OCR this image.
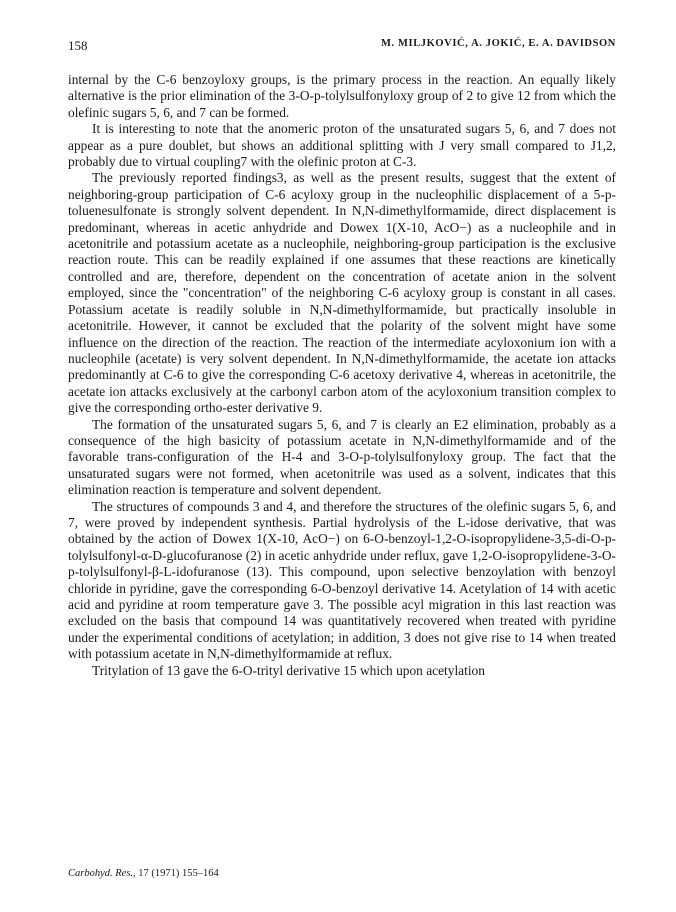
158	M. MILJKOVIĆ, A. JOKIĆ, E. A. DAVIDSON

internal by the C-6 benzoyloxy groups, is the primary process in the reaction. An equally likely alternative is the prior elimination of the 3-O-p-tolylsulfonyloxy group of 2 to give 12 from which the olefinic sugars 5, 6, and 7 can be formed.

It is interesting to note that the anomeric proton of the unsaturated sugars 5, 6, and 7 does not appear as a pure doublet, but shows an additional splitting with J very small compared to J1,2, probably due to virtual coupling7 with the olefinic proton at C-3.

The previously reported findings3, as well as the present results, suggest that the extent of neighboring-group participation of C-6 acyloxy group in the nucleophilic displacement of a 5-p-toluenesulfonate is strongly solvent dependent. In N,N-dimethylformamide, direct displacement is predominant, whereas in acetic anhydride and Dowex 1(X-10, AcO−) as a nucleophile and in acetonitrile and potassium acetate as a nucleophile, neighboring-group participation is the exclusive reaction route. This can be readily explained if one assumes that these reactions are kinetically controlled and are, therefore, dependent on the concentration of acetate anion in the solvent employed, since the "concentration" of the neighboring C-6 acyloxy group is constant in all cases. Potassium acetate is readily soluble in N,N-dimethylformamide, but practically insoluble in acetonitrile. However, it cannot be excluded that the polarity of the solvent might have some influence on the direction of the reaction. The reaction of the intermediate acyloxonium ion with a nucleophile (acetate) is very solvent dependent. In N,N-dimethylformamide, the acetate ion attacks predominantly at C-6 to give the corresponding C-6 acetoxy derivative 4, whereas in acetonitrile, the acetate ion attacks exclusively at the carbonyl carbon atom of the acyloxonium transition complex to give the corresponding ortho-ester derivative 9.

The formation of the unsaturated sugars 5, 6, and 7 is clearly an E2 elimination, probably as a consequence of the high basicity of potassium acetate in N,N-dimethylformamide and of the favorable trans-configuration of the H-4 and 3-O-p-tolylsulfonyloxy group. The fact that the unsaturated sugars were not formed, when acetonitrile was used as a solvent, indicates that this elimination reaction is temperature and solvent dependent.

The structures of compounds 3 and 4, and therefore the structures of the olefinic sugars 5, 6, and 7, were proved by independent synthesis. Partial hydrolysis of the L-idose derivative, that was obtained by the action of Dowex 1(X-10, AcO−) on 6-O-benzoyl-1,2-O-isopropylidene-3,5-di-O-p-tolylsulfonyl-α-D-glucofuranose (2) in acetic anhydride under reflux, gave 1,2-O-isopropylidene-3-O-p-tolylsulfonyl-β-L-idofuranose (13). This compound, upon selective benzoylation with benzoyl chloride in pyridine, gave the corresponding 6-O-benzoyl derivative 14. Acetylation of 14 with acetic acid and pyridine at room temperature gave 3. The possible acyl migration in this last reaction was excluded on the basis that compound 14 was quantitatively recovered when treated with pyridine under the experimental conditions of acetylation; in addition, 3 does not give rise to 14 when treated with potassium acetate in N,N-dimethylformamide at reflux.

Tritylation of 13 gave the 6-O-trityl derivative 15 which upon acetylation

Carbohyd. Res., 17 (1971) 155–164
